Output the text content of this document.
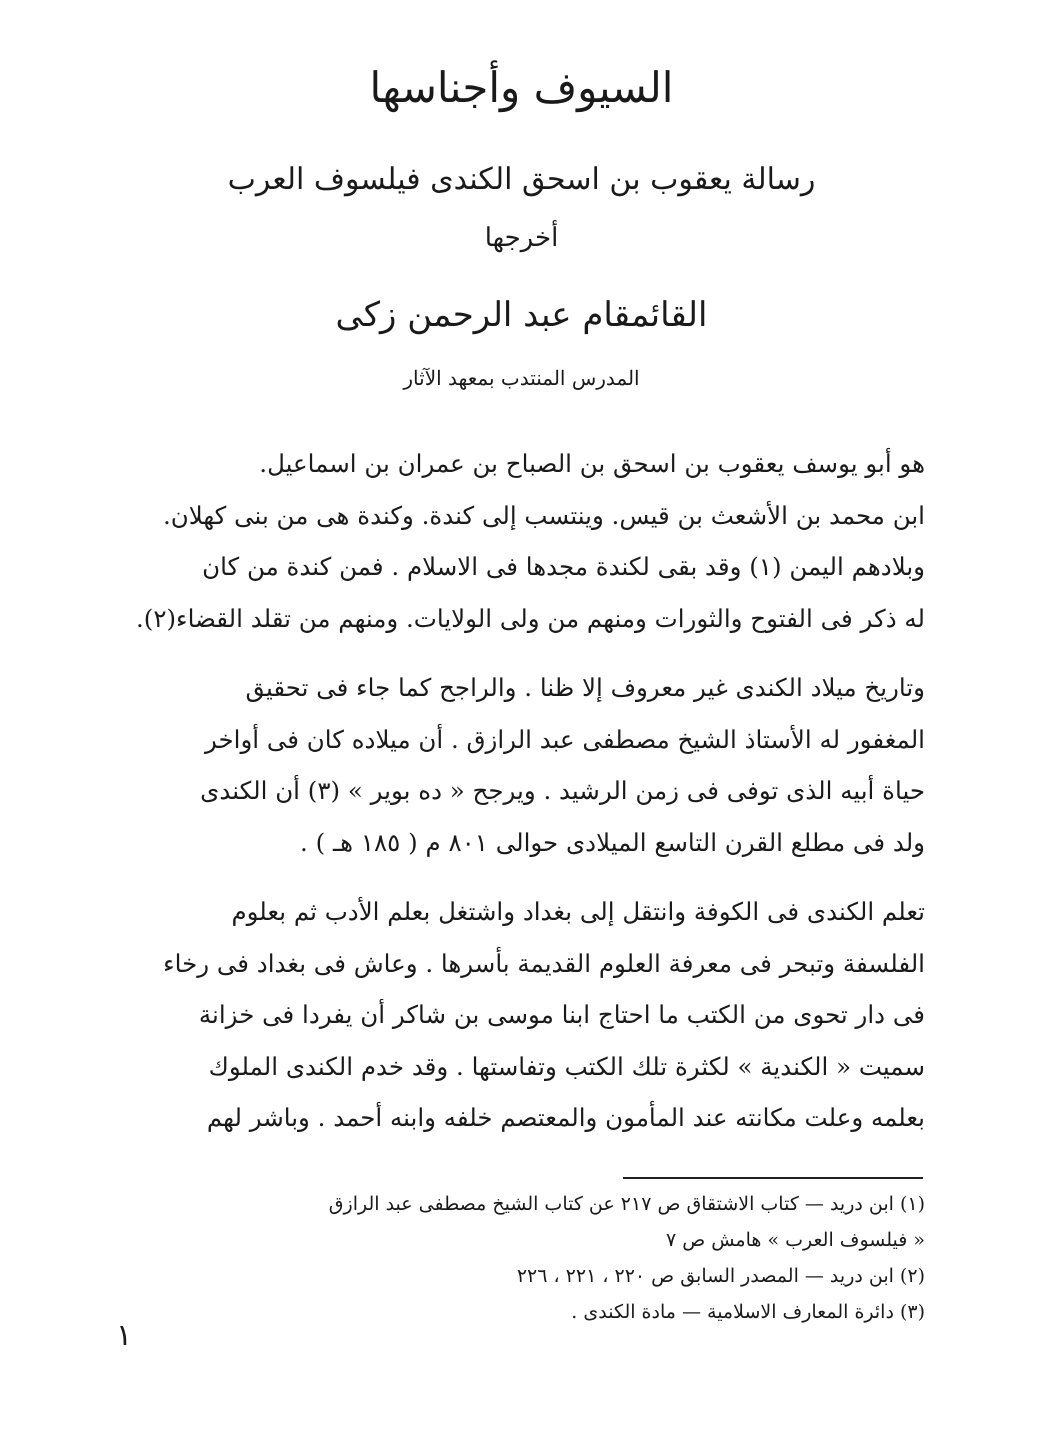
السيوف وأجناسها
رسالة يعقوب بن اسحق الكندى فيلسوف العرب
أخرجها
القائمقام عبد الرحمن زكى
المدرس المنتدب بمعهد الآثار
هو أبو يوسف يعقوب بن اسحق بن الصباح بن عمران بن اسماعيل.
ابن محمد بن الأشعث بن قيس. وينتسب إلى كندة. وكندة هى من بنى كهلان.
وبلادهم اليمن (١) وقد بقى لكندة مجدها فى الاسلام . فمن كندة من كان
له ذكر فى الفتوح والثورات ومنهم من ولى الولايات. ومنهم من تقلد القضاء(٢).
وتاريخ ميلاد الكندى غير معروف إلا ظنا . والراجح كما جاء فى تحقيق
المغفور له الأستاذ الشيخ مصطفى عبد الرازق . أن ميلاده كان فى أواخر
حياة أبيه الذى توفى فى زمن الرشيد . ويرجح « ده بوير » (٣) أن الكندى
ولد فى مطلع القرن التاسع الميلادى حوالى ٨٠١ م ( ١٨٥ هـ ) .
تعلم الكندى فى الكوفة وانتقل إلى بغداد واشتغل بعلم الأدب ثم بعلوم
الفلسفة وتبحر فى معرفة العلوم القديمة بأسرها . وعاش فى بغداد فى رخاء
فى دار تحوى من الكتب ما احتاج ابنا موسى بن شاكر أن يفردا فى خزانة
سميت « الكندية » لكثرة تلك الكتب وتفاستها . وقد خدم الكندى الملوك
بعلمه وعلت مكانته عند المأمون والمعتصم خلفه وابنه أحمد . وباشر لهم
(١) ابن دريد — كتاب الاشتقاق ص ٢١٧ عن كتاب الشيخ مصطفى عبد الرازق
« فيلسوف العرب » هامش ص ٧
(٢) ابن دريد — المصدر السابق ص ٢٢٠ ، ٢٢١ ، ٢٢٦
(٣) دائرة المعارف الاسلامية — مادة الكندى .
١
